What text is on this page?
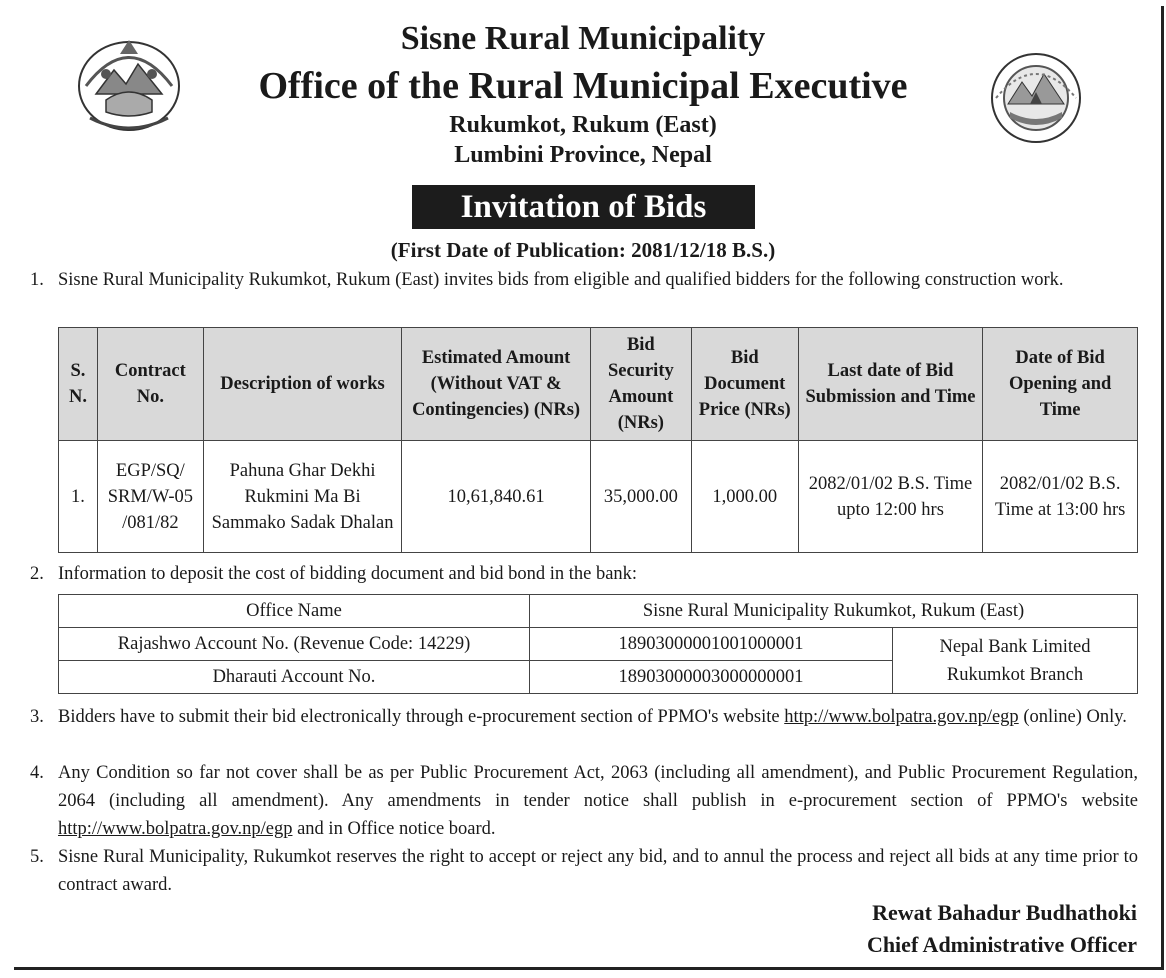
Sisne Rural Municipality
Office of the Rural Municipal Executive
Rukumkot, Rukum (East)
Lumbini Province, Nepal
Invitation of Bids
(First Date of Publication: 2081/12/18 B.S.)
1. Sisne Rural Municipality Rukumkot, Rukum (East) invites bids from eligible and qualified bidders for the following construction work.
S. N.	Contract No.	Description of works	Estimated Amount (Without VAT & Contingencies) (NRs)	Bid Security Amount (NRs)	Bid Document Price (NRs)	Last date of Bid Submission and Time	Date of Bid Opening and Time
1.	EGP/SQ/ SRM/W-05 /081/82	Pahuna Ghar Dekhi Rukmini Ma Bi Sammako Sadak Dhalan	10,61,840.61	35,000.00	1,000.00	2082/01/02 B.S. Time upto 12:00 hrs	2082/01/02 B.S. Time at 13:00 hrs
2. Information to deposit the cost of bidding document and bid bond in the bank:
Office Name	Sisne Rural Municipality Rukumkot, Rukum (East)	
Rajashwo Account No. (Revenue Code: 14229)	18903000001001000001	Nepal Bank Limited Rukumkot Branch
Dharauti Account No.	18903000003000000001	
3. Bidders have to submit their bid electronically through e-procurement section of PPMO's website http://www.bolpatra.gov.np/egp (online) Only.
4. Any Condition so far not cover shall be as per Public Procurement Act, 2063 (including all amendment), and Public Procurement Regulation, 2064 (including all amendment). Any amendments in tender notice shall publish in e-procurement section of PPMO's website http://www.bolpatra.gov.np/egp and in Office notice board.
5. Sisne Rural Municipality, Rukumkot reserves the right to accept or reject any bid, and to annul the process and reject all bids at any time prior to contract award.
Rewat Bahadur Budhathoki
Chief Administrative Officer
